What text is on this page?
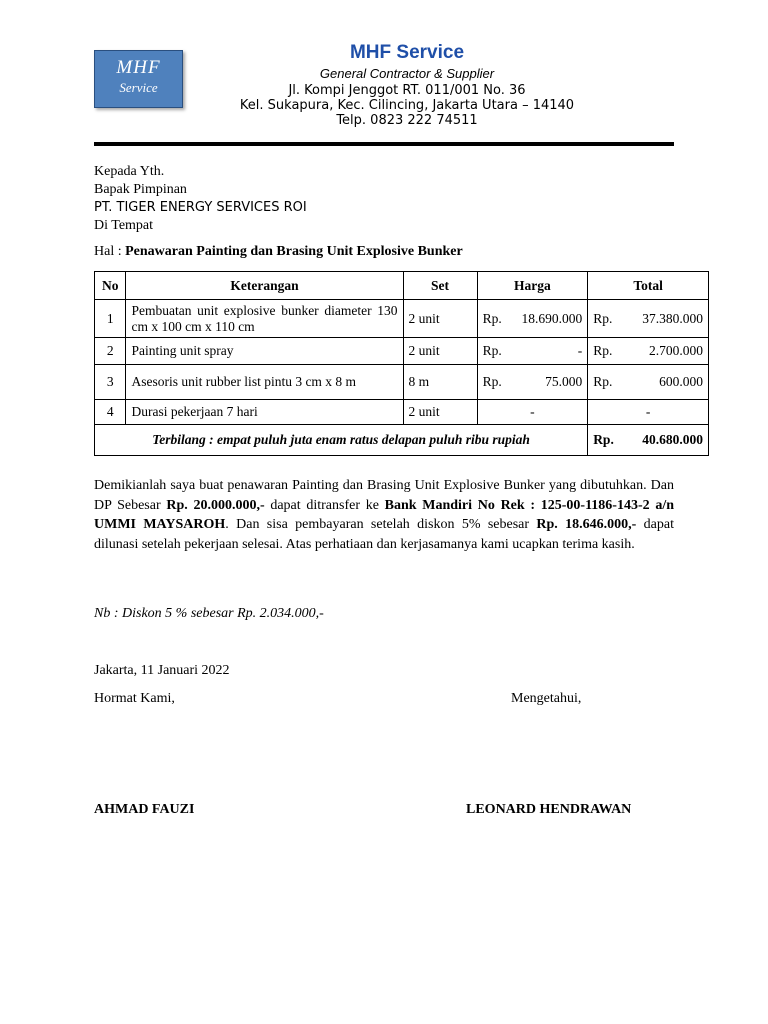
MHF
Service
MHF Service
General Contractor & Supplier
Jl. Kompi Jenggot RT. 011/001 No. 36
Kel. Sukapura, Kec. Cilincing, Jakarta Utara – 14140
Telp. 0823 222 74511
Kepada Yth.
Bapak Pimpinan
PT. TIGER ENERGY SERVICES ROI
Di Tempat
Hal : Penawaran Painting dan Brasing Unit Explosive Bunker
No	Keterangan	Set	Harga	Total
1	Pembuatan unit explosive bunker diameter 130 cm x 100 cm x 110 cm	2 unit	Rp. 18.690.000	Rp. 37.380.000

2	Painting unit spray	2 unit	Rp. -	Rp. 2.700.000

3	Asesoris unit rubber list pintu 3 cm x 8 m	8 m	Rp. 75.000	Rp. 600.000

4	Durasi pekerjaan 7 hari	2 unit	-	-
Terbilang : empat puluh juta enam ratus delapan puluh ribu rupiah				Rp. 40.680.000
Demikianlah saya buat penawaran Painting dan Brasing Unit Explosive Bunker yang dibutuhkan. Dan DP Sebesar Rp. 20.000.000,- dapat ditransfer ke Bank Mandiri No Rek : 125-00-1186-143-2 a/n UMMI MAYSAROH. Dan sisa pembayaran setelah diskon 5% sebesar Rp. 18.646.000,- dapat dilunasi setelah pekerjaan selesai. Atas perhatiaan dan kerjasamanya kami ucapkan terima kasih.
Nb : Diskon 5 % sebesar Rp. 2.034.000,-
Jakarta, 11 Januari 2022
Hormat Kami,	Mengetahui,
AHMAD FAUZI	LEONARD HENDRAWAN
